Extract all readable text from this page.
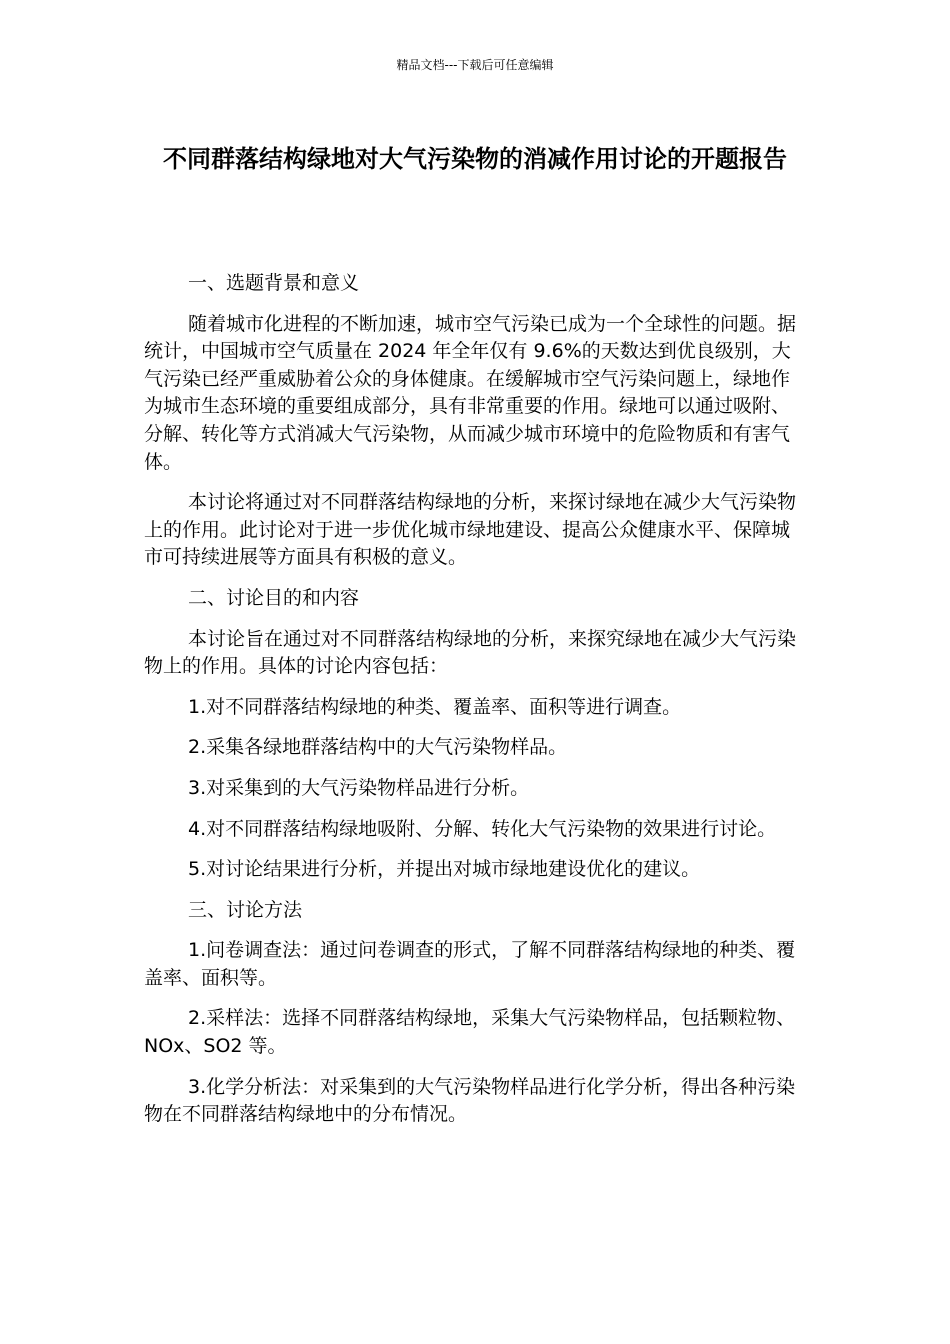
精品文档---下载后可任意编辑
不同群落结构绿地对大气污染物的消减作用讨论的开题报告

一、选题背景和意义

随着城市化进程的不断加速，城市空气污染已成为一个全球性的问题。据统计，中国城市空气质量在 2024 年全年仅有 9.6%的天数达到优良级别，大气污染已经严重威胁着公众的身体健康。在缓解城市空气污染问题上，绿地作为城市生态环境的重要组成部分，具有非常重要的作用。绿地可以通过吸附、分解、转化等方式消减大气污染物，从而减少城市环境中的危险物质和有害气体。

本讨论将通过对不同群落结构绿地的分析，来探讨绿地在减少大气污染物上的作用。此讨论对于进一步优化城市绿地建设、提高公众健康水平、保障城市可持续进展等方面具有积极的意义。

二、讨论目的和内容

本讨论旨在通过对不同群落结构绿地的分析，来探究绿地在减少大气污染物上的作用。具体的讨论内容包括：

1.对不同群落结构绿地的种类、覆盖率、面积等进行调查。

2.采集各绿地群落结构中的大气污染物样品。

3.对采集到的大气污染物样品进行分析。

4.对不同群落结构绿地吸附、分解、转化大气污染物的效果进行讨论。

5.对讨论结果进行分析，并提出对城市绿地建设优化的建议。

三、讨论方法

1.问卷调查法：通过问卷调查的形式，了解不同群落结构绿地的种类、覆盖率、面积等。

2.采样法：选择不同群落结构绿地，采集大气污染物样品，包括颗粒物、NOx、SO2 等。

3.化学分析法：对采集到的大气污染物样品进行化学分析，得出各种污染物在不同群落结构绿地中的分布情况。
